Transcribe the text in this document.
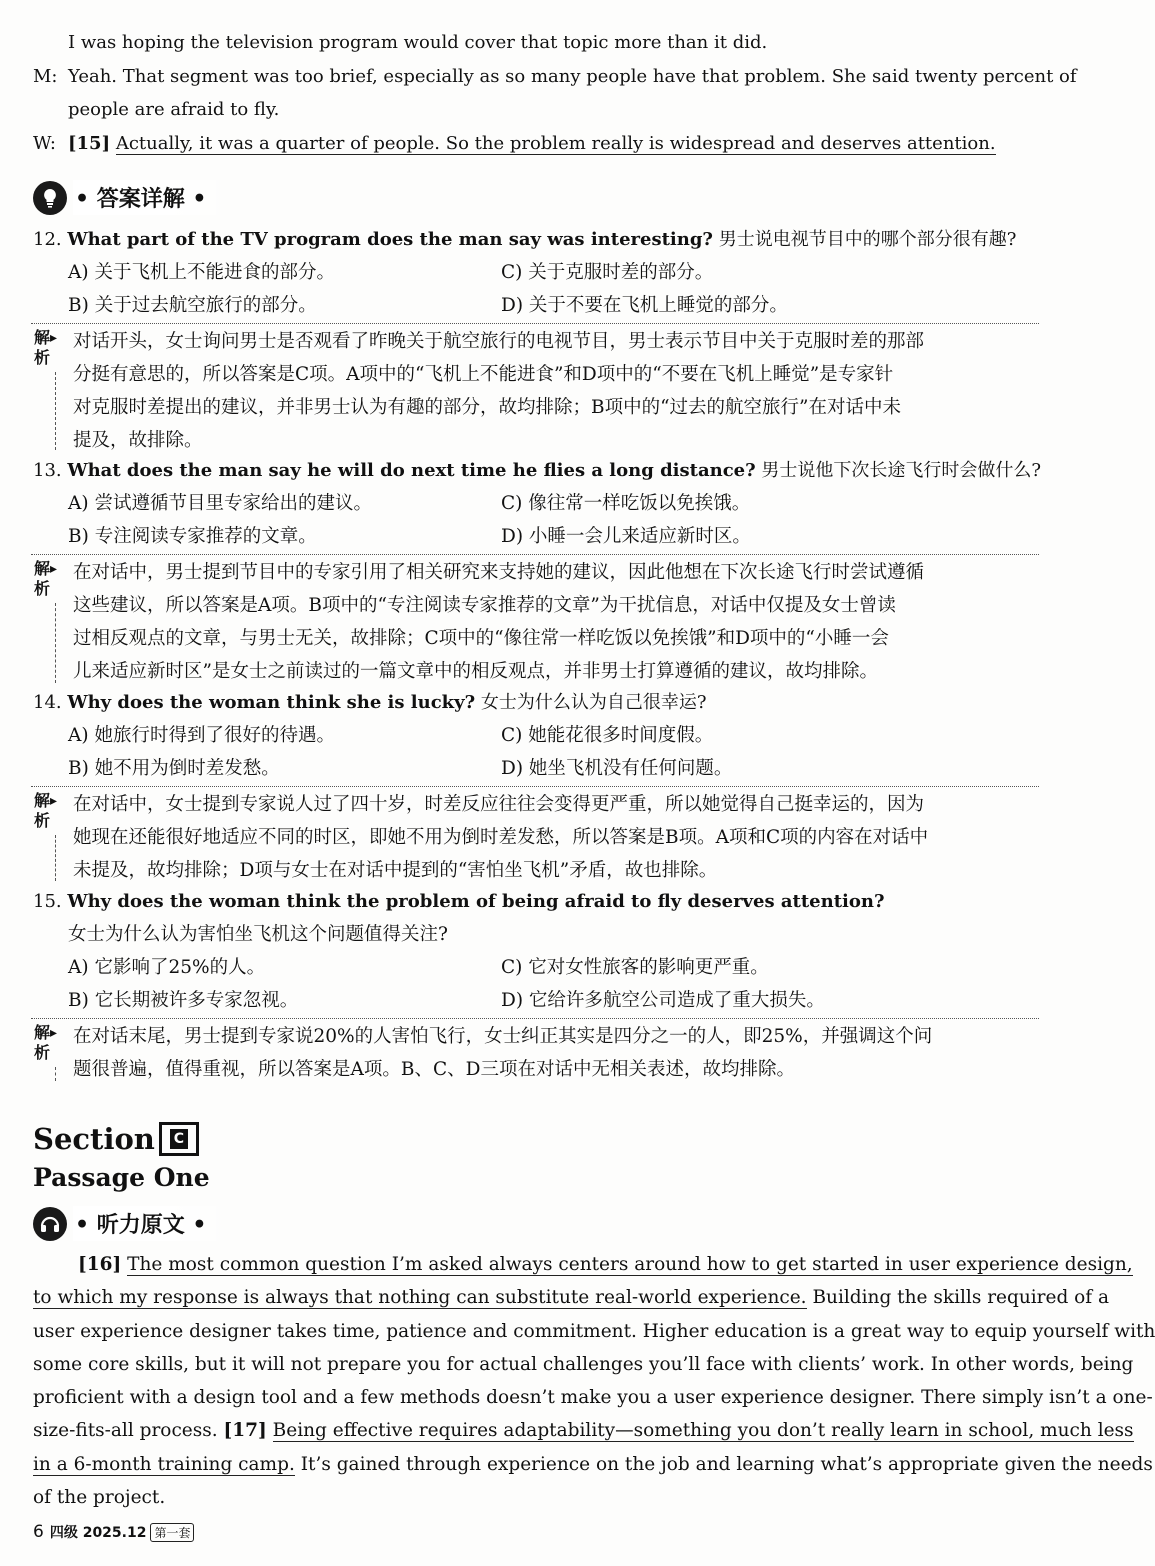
I was hoping the television program would cover that topic more than it did.
M: Yeah. That segment was too brief, especially as so many people have that problem. She said twenty percent of
people are afraid to fly.
W: [15] Actually, it was a quarter of people. So the problem really is widespread and deserves attention.
• 答案详解 •
12. What part of the TV program does the man say was interesting? 男士说电视节目中的哪个部分很有趣?
A) 关于飞机上不能进食的部分。	C) 关于克服时差的部分。
B) 关于过去航空旅行的部分。	D) 关于不要在飞机上睡觉的部分。
解
析
▸ 对话开头，女士询问男士是否观看了昨晚关于航空旅行的电视节目，男士表示节目中关于克服时差的那部
分挺有意思的，所以答案是C项。A项中的“飞机上不能进食”和D项中的“不要在飞机上睡觉”是专家针
对克服时差提出的建议，并非男士认为有趣的部分，故均排除；B项中的“过去的航空旅行”在对话中未
提及，故排除。
13. What does the man say he will do next time he flies a long distance? 男士说他下次长途飞行时会做什么?
A) 尝试遵循节目里专家给出的建议。	C) 像往常一样吃饭以免挨饿。
B) 专注阅读专家推荐的文章。	D) 小睡一会儿来适应新时区。
解
析
▸ 在对话中，男士提到节目中的专家引用了相关研究来支持她的建议，因此他想在下次长途飞行时尝试遵循
这些建议，所以答案是A项。B项中的“专注阅读专家推荐的文章”为干扰信息，对话中仅提及女士曾读
过相反观点的文章，与男士无关，故排除；C项中的“像往常一样吃饭以免挨饿”和D项中的“小睡一会
儿来适应新时区”是女士之前读过的一篇文章中的相反观点，并非男士打算遵循的建议，故均排除。
14. Why does the woman think she is lucky? 女士为什么认为自己很幸运?
A) 她旅行时得到了很好的待遇。	C) 她能花很多时间度假。
B) 她不用为倒时差发愁。	D) 她坐飞机没有任何问题。
解
析
▸ 在对话中，女士提到专家说人过了四十岁，时差反应往往会变得更严重，所以她觉得自己挺幸运的，因为
她现在还能很好地适应不同的时区，即她不用为倒时差发愁，所以答案是B项。A项和C项的内容在对话中
未提及，故均排除；D项与女士在对话中提到的“害怕坐飞机”矛盾，故也排除。
15. Why does the woman think the problem of being afraid to fly deserves attention?
女士为什么认为害怕坐飞机这个问题值得关注?
A) 它影响了25%的人。	C) 它对女性旅客的影响更严重。
B) 它长期被许多专家忽视。	D) 它给许多航空公司造成了重大损失。
解
析
▸ 在对话末尾，男士提到专家说20%的人害怕飞行，女士纠正其实是四分之一的人，即25%，并强调这个问
题很普遍，值得重视，所以答案是A项。B、C、D三项在对话中无相关表述，故均排除。
Section C
Passage One
• 听力原文 •
[16] The most common question I’m asked always centers around how to get started in user experience design,
to which my response is always that nothing can substitute real-world experience. Building the skills required of a
user experience designer takes time, patience and commitment. Higher education is a great way to equip yourself with
some core skills, but it will not prepare you for actual challenges you’ll face with clients’ work. In other words, being
proficient with a design tool and a few methods doesn’t make you a user experience designer. There simply isn’t a one-
size-fits-all process. [17] Being effective requires adaptability—something you don’t really learn in school, much less
in a 6-month training camp. It’s gained through experience on the job and learning what’s appropriate given the needs
of the project.
6 四级 2025.12 第一套
